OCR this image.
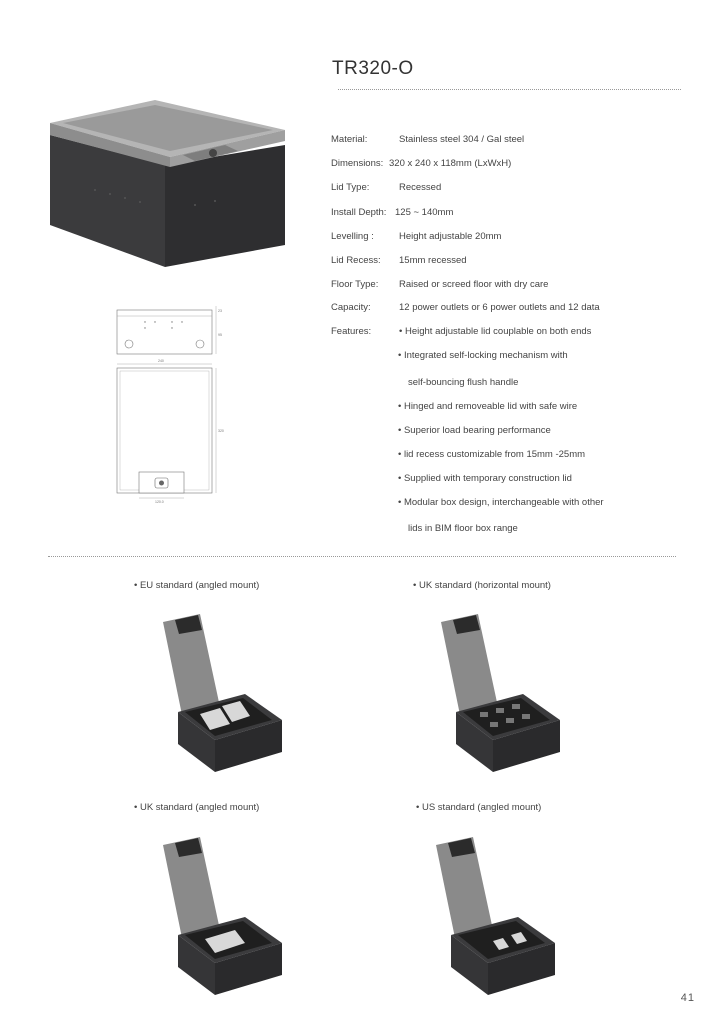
TR320-O
23
95
240
320
120.0
Material:	Stainless steel 304 / Gal steel
Dimensions: 320 x 240 x 118mm (LxWxH)
Lid Type:	Recessed
Install Depth: 125 ~ 140mm
Levelling :	Height adjustable 20mm
Lid Recess: 15mm recessed
Floor Type: Raised or screed floor with dry care
Capacity:	12 power outlets or 6 power outlets and 12 data
Features:	• Height adjustable lid couplable on both ends
• Integrated self-locking mechanism with
self-bouncing flush handle
• Hinged and removeable lid with safe wire
• Superior load bearing performance
• lid recess customizable from 15mm -25mm
• Supplied with temporary construction lid
• Modular box design, interchangeable with other
lids in BIM floor box range
• EU standard (angled mount)	• UK standard (horizontal mount)
• UK standard (angled mount)	• US standard (angled mount)
41
